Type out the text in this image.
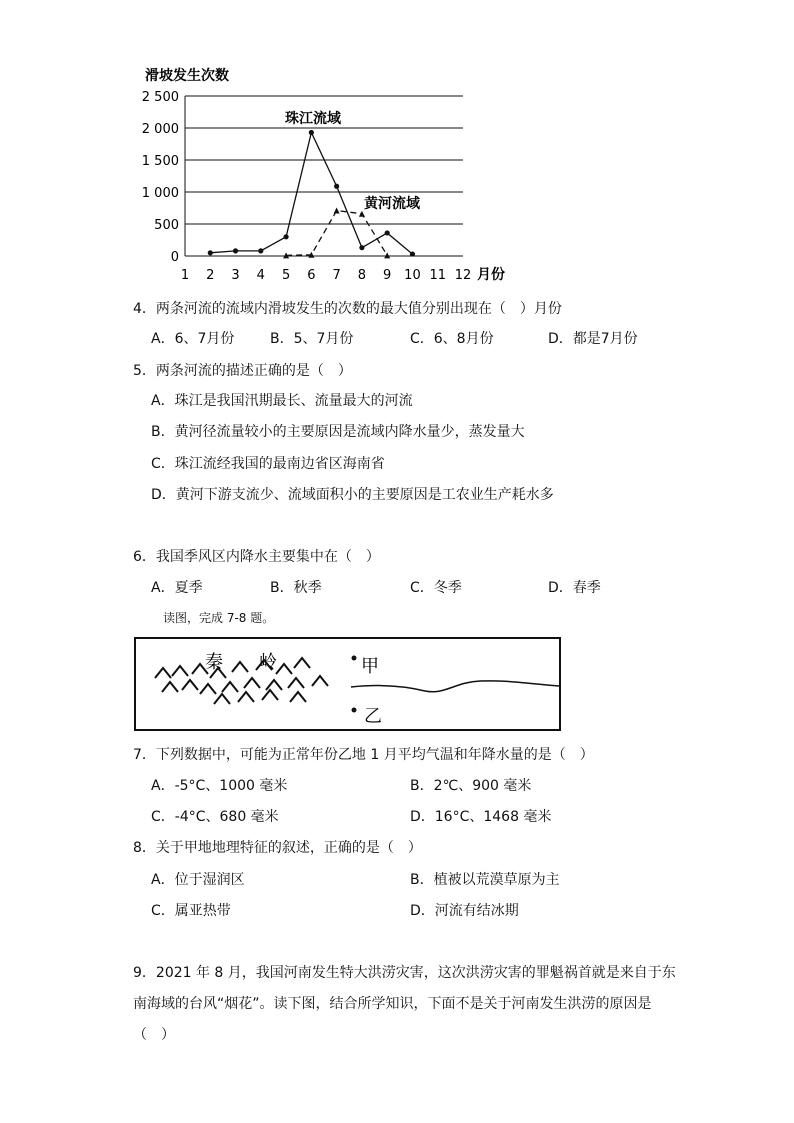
滑坡发生次数
0
500
1 000
1 500
2 000
2 500
1 2 3 4 5 6 7 8 9 10 11 12 月份
珠江流域
黄河流域
4．两条河流的流域内滑坡发生的次数的最大值分别出现在（　）月份
A．6、7月份	B．5、7月份	C．6、8月份	D．都是7月份
5．两条河流的描述正确的是（　）
A．珠江是我国汛期最长、流量最大的河流
B．黄河径流量较小的主要原因是流域内降水量少，蒸发量大
C．珠江流经我国的最南边省区海南省
D．黄河下游支流少、流域面积小的主要原因是工农业生产耗水多
6．我国季风区内降水主要集中在（　）
A．夏季	B．秋季	C．冬季	D．春季
读图，完成 7-8 题。
秦　　岭	甲
乙
7．下列数据中，可能为正常年份乙地 1 月平均气温和年降水量的是（　）
A．-5°C、1000 毫米	B．2℃、900 毫米
C．-4°C、680 毫米	D．16°C、1468 毫米
8．关于甲地地理特征的叙述，正确的是（　）
A．位于湿润区	B．植被以荒漠草原为主
C．属亚热带	D．河流有结冰期
9．2021 年 8 月，我国河南发生特大洪涝灾害，这次洪涝灾害的罪魁祸首就是来自于东
南海域的台风“烟花”。读下图，结合所学知识，下面不是关于河南发生洪涝的原因是
（　）
